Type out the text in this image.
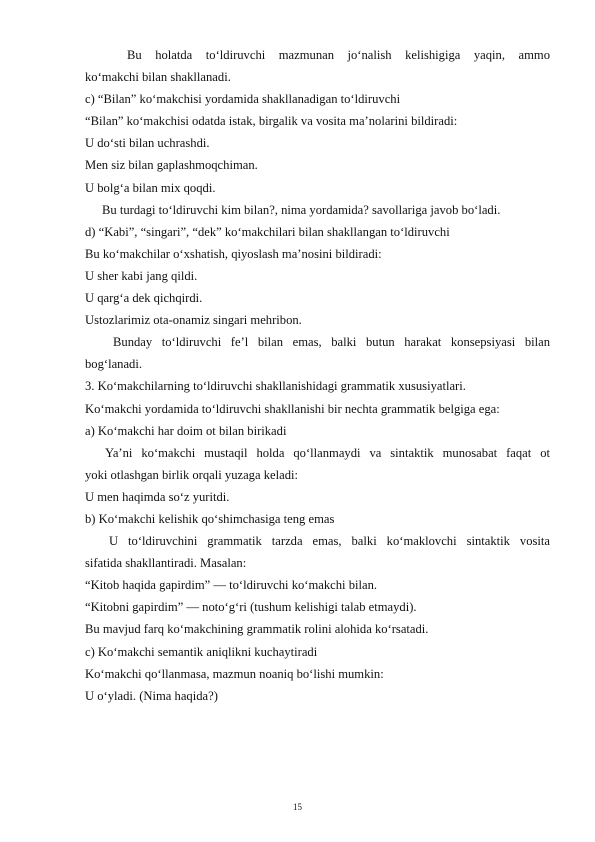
Bu holatda toʻldiruvchi mazmunan joʻnalish kelishigiga yaqin, ammo
koʻmakchi bilan shakllanadi.
c) “Bilan” koʻmakchisi yordamida shakllanadigan toʻldiruvchi
“Bilan” koʻmakchisi odatda istak, birgalik va vosita maʼnolarini bildiradi:
U doʻsti bilan uchrashdi.
Men siz bilan gaplashmoqchiman.
U bolgʻa bilan mix qoqdi.
Bu turdagi toʻldiruvchi kim bilan?, nima yordamida? savollariga javob boʻladi.
d) “Kabi”, “singari”, “dek” koʻmakchilari bilan shakllangan toʻldiruvchi
Bu koʻmakchilar oʻxshatish, qiyoslash maʼnosini bildiradi:
U sher kabi jang qildi.
U qargʻa dek qichqirdi.
Ustozlarimiz ota-onamiz singari mehribon.
Bunday toʻldiruvchi fe’l bilan emas, balki butun harakat konsepsiyasi bilan
bogʻlanadi.
3. Koʻmakchilarning toʻldiruvchi shakllanishidagi grammatik xususiyatlari.
Koʻmakchi yordamida toʻldiruvchi shakllanishi bir nechta grammatik belgiga ega:
a) Koʻmakchi har doim ot bilan birikadi
Yaʼni koʻmakchi mustaqil holda qoʻllanmaydi va sintaktik munosabat faqat ot
yoki otlashgan birlik orqali yuzaga keladi:
U men haqimda soʻz yuritdi.
b) Koʻmakchi kelishik qoʻshimchasiga teng emas
U toʻldiruvchini grammatik tarzda emas, balki koʻmaklovchi sintaktik vosita
sifatida shakllantiradi. Masalan:
“Kitob haqida gapirdim” — toʻldiruvchi koʻmakchi bilan.
“Kitobni gapirdim” — notoʻgʻri (tushum kelishigi talab etmaydi).
Bu mavjud farq koʻmakchining grammatik rolini alohida koʻrsatadi.
c) Koʻmakchi semantik aniqlikni kuchaytiradi
Koʻmakchi qoʻllanmasa, mazmun noaniq boʻlishi mumkin:
U oʻyladi. (Nima haqida?)
15
